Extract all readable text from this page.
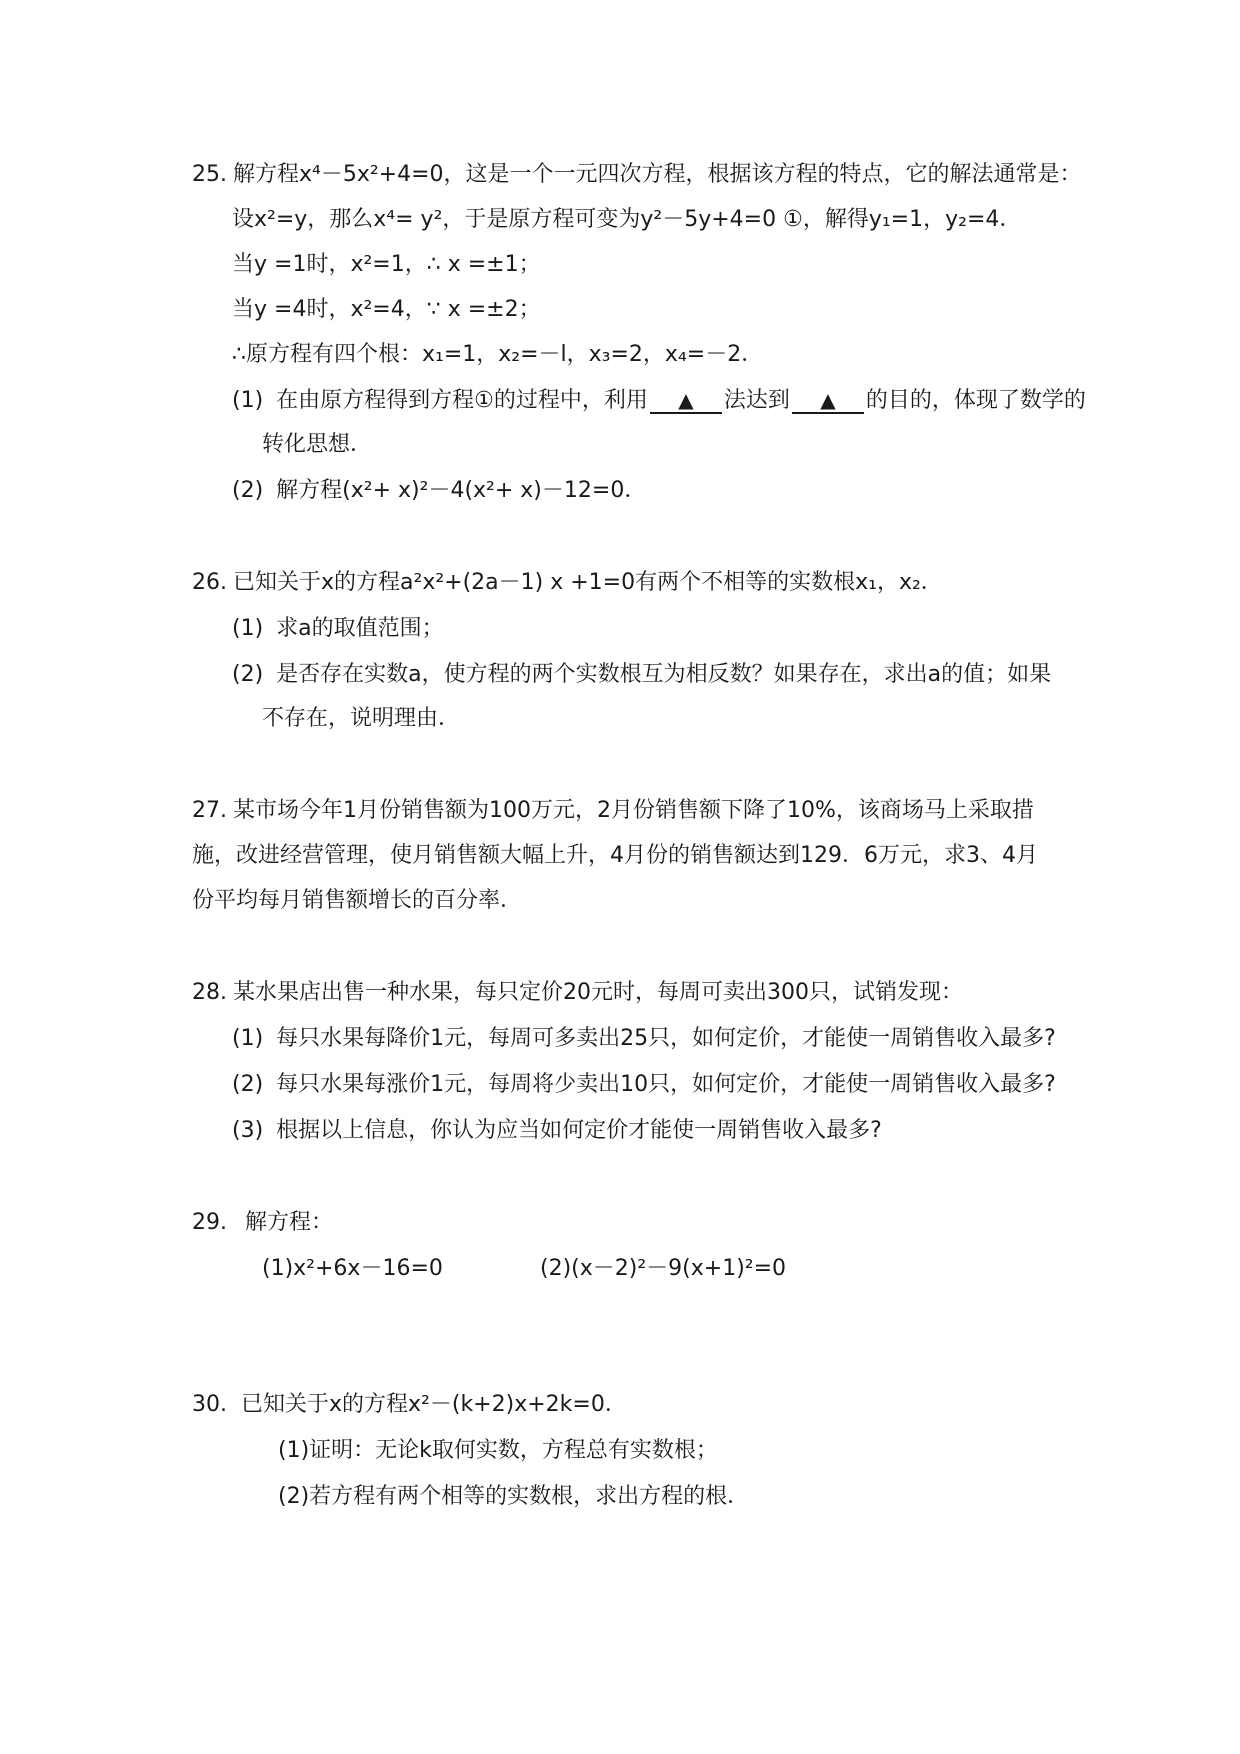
25. 解方程x⁴－5x²+4=0，这是一个一元四次方程，根据该方程的特点，它的解法通常是：
设x²=y，那么x⁴= y²，于是原方程可变为y²－5y+4=0 ①，解得y₁=1，y₂=4．
当y =1时，x²=1，∴ x =±1；
当y =4时，x²=4，∵ x =±2；
∴原方程有四个根：x₁=1，x₂=－l，x₃=2，x₄=－2．
(1) 在由原方程得到方程①的过程中，利用 ▲ 法达到 ▲ 的目的，体现了数学的
转化思想．
(2) 解方程(x²+ x)²－4(x²+ x)－12=0．
26. 已知关于x的方程a²x²+(2a－1) x +1=0有两个不相等的实数根x₁，x₂．
(1) 求a的取值范围；
(2) 是否存在实数a，使方程的两个实数根互为相反数？如果存在，求出a的值；如果
不存在，说明理由．
27. 某市场今年1月份销售额为100万元，2月份销售额下降了10%，该商场马上采取措
施，改进经营管理，使月销售额大幅上升，4月份的销售额达到129．6万元，求3、4月
份平均每月销售额增长的百分率．
28. 某水果店出售一种水果，每只定价20元时，每周可卖出300只，试销发现：
(1) 每只水果每降价1元，每周可多卖出25只，如何定价，才能使一周销售收入最多?
(2) 每只水果每涨价1元，每周将少卖出10只，如何定价，才能使一周销售收入最多?
(3) 根据以上信息，你认为应当如何定价才能使一周销售收入最多?
29. 解方程：
(1)x²+6x－16=0	(2)(x－2)²－9(x+1)²=0
30. 已知关于x的方程x²－(k+2)x+2k=0．
(1)证明：无论k取何实数，方程总有实数根；
(2)若方程有两个相等的实数根，求出方程的根．
